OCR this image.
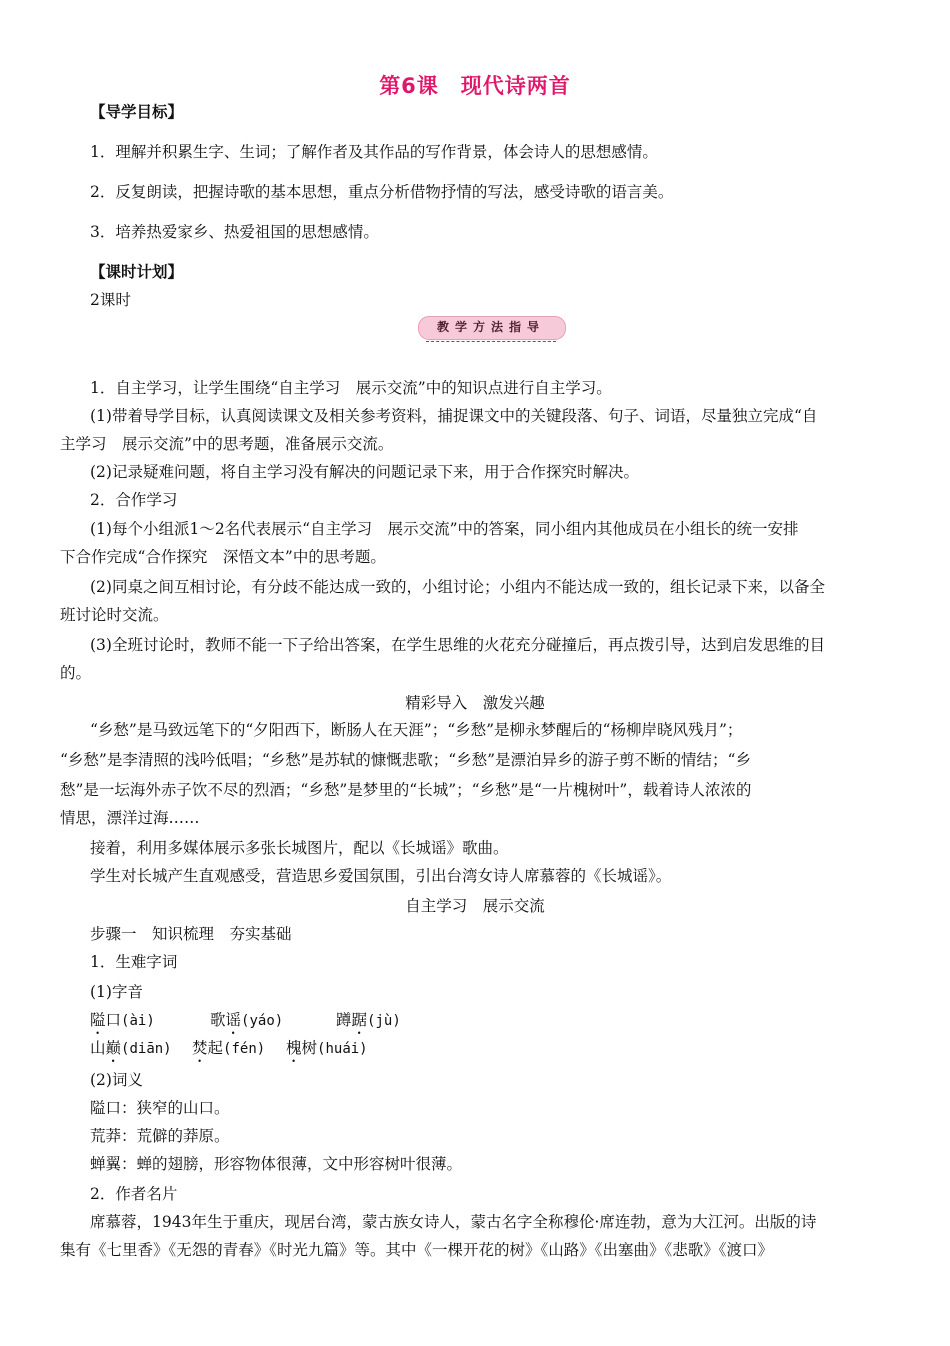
第6课　现代诗两首
【导学目标】
1．理解并积累生字、生词；了解作者及其作品的写作背景，体会诗人的思想感情。
2．反复朗读，把握诗歌的基本思想，重点分析借物抒情的写法，感受诗歌的语言美。
3．培养热爱家乡、热爱祖国的思想感情。
【课时计划】
2课时
教学方法指导
1．自主学习，让学生围绕“自主学习　展示交流”中的知识点进行自主学习。
(1)带着导学目标，认真阅读课文及相关参考资料，捕捉课文中的关键段落、句子、词语，尽量独立完成“自
主学习　展示交流”中的思考题，准备展示交流。
(2)记录疑难问题，将自主学习没有解决的问题记录下来，用于合作探究时解决。
2．合作学习
(1)每个小组派1～2名代表展示“自主学习　展示交流”中的答案，同小组内其他成员在小组长的统一安排
下合作完成“合作探究　深悟文本”中的思考题。
(2)同桌之间互相讨论，有分歧不能达成一致的，小组讨论；小组内不能达成一致的，组长记录下来，以备全
班讨论时交流。
(3)全班讨论时，教师不能一下子给出答案，在学生思维的火花充分碰撞后，再点拨引导，达到启发思维的目
的。
精彩导入　激发兴趣
“乡愁”是马致远笔下的“夕阳西下，断肠人在天涯”；“乡愁”是柳永梦醒后的“杨柳岸晓风残月”；
“乡愁”是李清照的浅吟低唱；“乡愁”是苏轼的慷慨悲歌；“乡愁”是漂泊异乡的游子剪不断的情结；“乡
愁”是一坛海外赤子饮不尽的烈酒；“乡愁”是梦里的“长城”；“乡愁”是“一片槐树叶”，载着诗人浓浓的
情思，漂洋过海……
接着，利用多媒体展示多张长城图片，配以《长城谣》歌曲。
学生对长城产生直观感受，营造思乡爱国氛围，引出台湾女诗人席慕蓉的《长城谣》。
自主学习　展示交流
步骤一　知识梳理　夯实基础
1．生难字词
(1)字音
隘口(ài)	歌谣(yáo)	蹲踞(jù)
山巅(diān) 焚起(fén) 槐树(huái)
(2)词义
隘口：狭窄的山口。
荒莽：荒僻的莽原。
蝉翼：蝉的翅膀，形容物体很薄，文中形容树叶很薄。
2．作者名片
席慕蓉，1943年生于重庆，现居台湾，蒙古族女诗人，蒙古名字全称穆伦·席连勃，意为大江河。出版的诗
集有《七里香》《无怨的青春》《时光九篇》等。其中《一棵开花的树》《山路》《出塞曲》《悲歌》《渡口》
